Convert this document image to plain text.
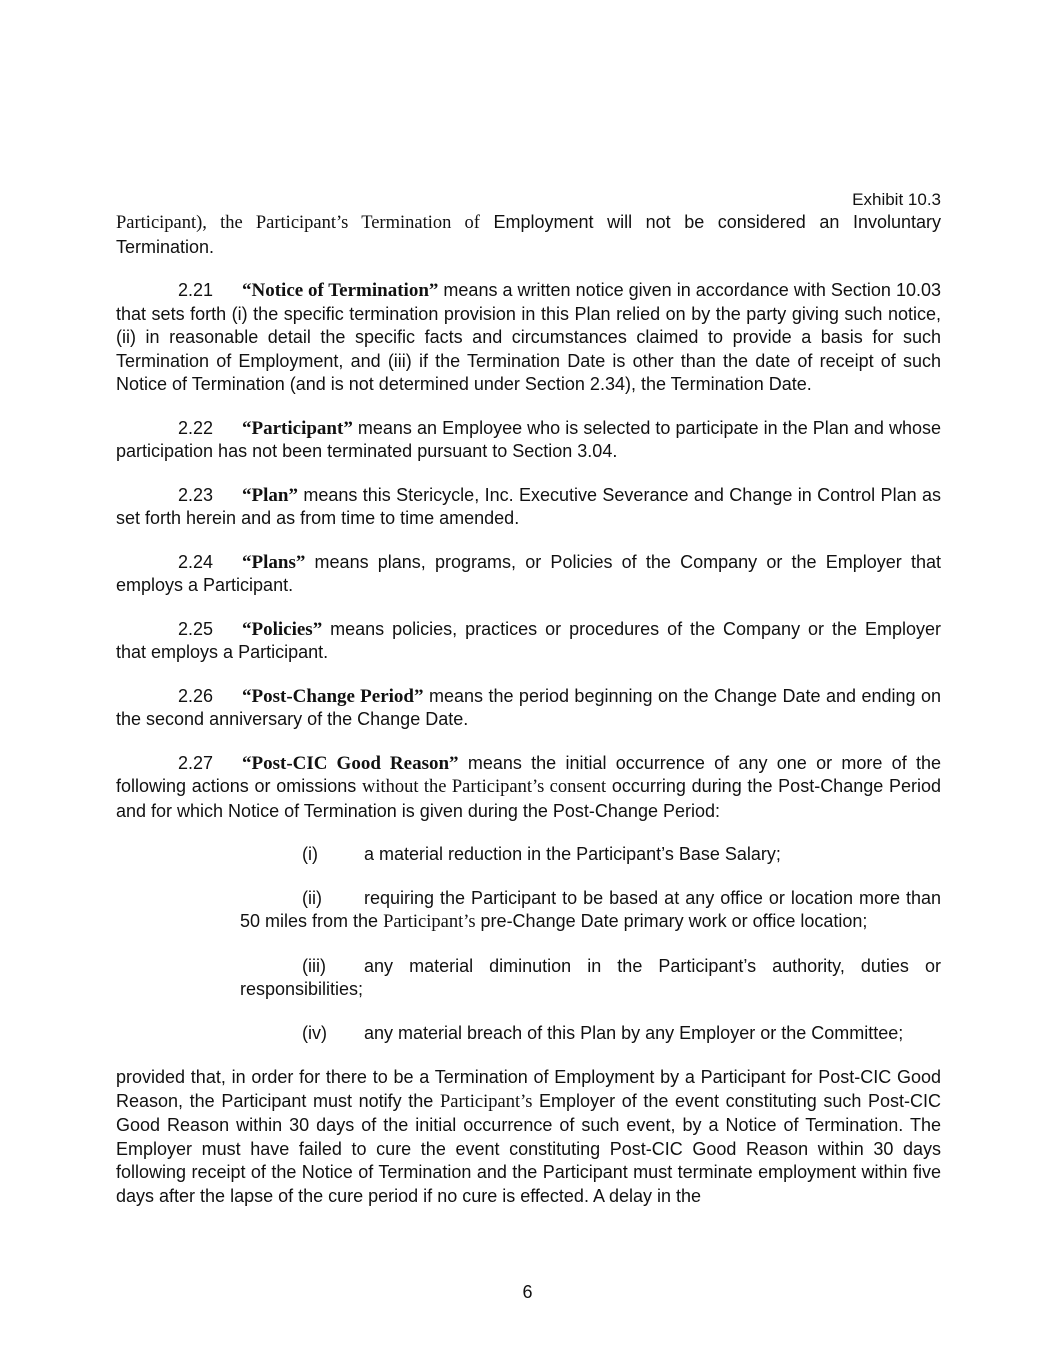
Exhibit 10.3

Participant), the Participant’s Termination of Employment will not be considered an Involuntary Termination.

2.21 “Notice of Termination” means a written notice given in accordance with Section 10.03 that sets forth (i) the specific termination provision in this Plan relied on by the party giving such notice, (ii) in reasonable detail the specific facts and circumstances claimed to provide a basis for such Termination of Employment, and (iii) if the Termination Date is other than the date of receipt of such Notice of Termination (and is not determined under Section 2.34), the Termination Date.

2.22 “Participant” means an Employee who is selected to participate in the Plan and whose participation has not been terminated pursuant to Section 3.04.

2.23 “Plan” means this Stericycle, Inc. Executive Severance and Change in Control Plan as set forth herein and as from time to time amended.

2.24 “Plans” means plans, programs, or Policies of the Company or the Employer that employs a Participant.

2.25 “Policies” means policies, practices or procedures of the Company or the Employer that employs a Participant.

2.26 “Post-Change Period” means the period beginning on the Change Date and ending on the second anniversary of the Change Date.

2.27 “Post-CIC Good Reason” means the initial occurrence of any one or more of the following actions or omissions without the Participant’s consent occurring during the Post-Change Period and for which Notice of Termination is given during the Post-Change Period:

(i)	a material reduction in the Participant’s Base Salary;

(ii) requiring the Participant to be based at any office or location more than 50 miles from the Participant’s pre-Change Date primary work or office location;

(iii) any material diminution in the Participant’s authority, duties or responsibilities;

(iv) any material breach of this Plan by any Employer or the Committee;

provided that, in order for there to be a Termination of Employment by a Participant for Post-CIC Good Reason, the Participant must notify the Participant’s Employer of the event constituting such Post-CIC Good Reason within 30 days of the initial occurrence of such event, by a Notice of Termination. The Employer must have failed to cure the event constituting Post-CIC Good Reason within 30 days following receipt of the Notice of Termination and the Participant must terminate employment within five days after the lapse of the cure period if no cure is effected. A delay in the

6
